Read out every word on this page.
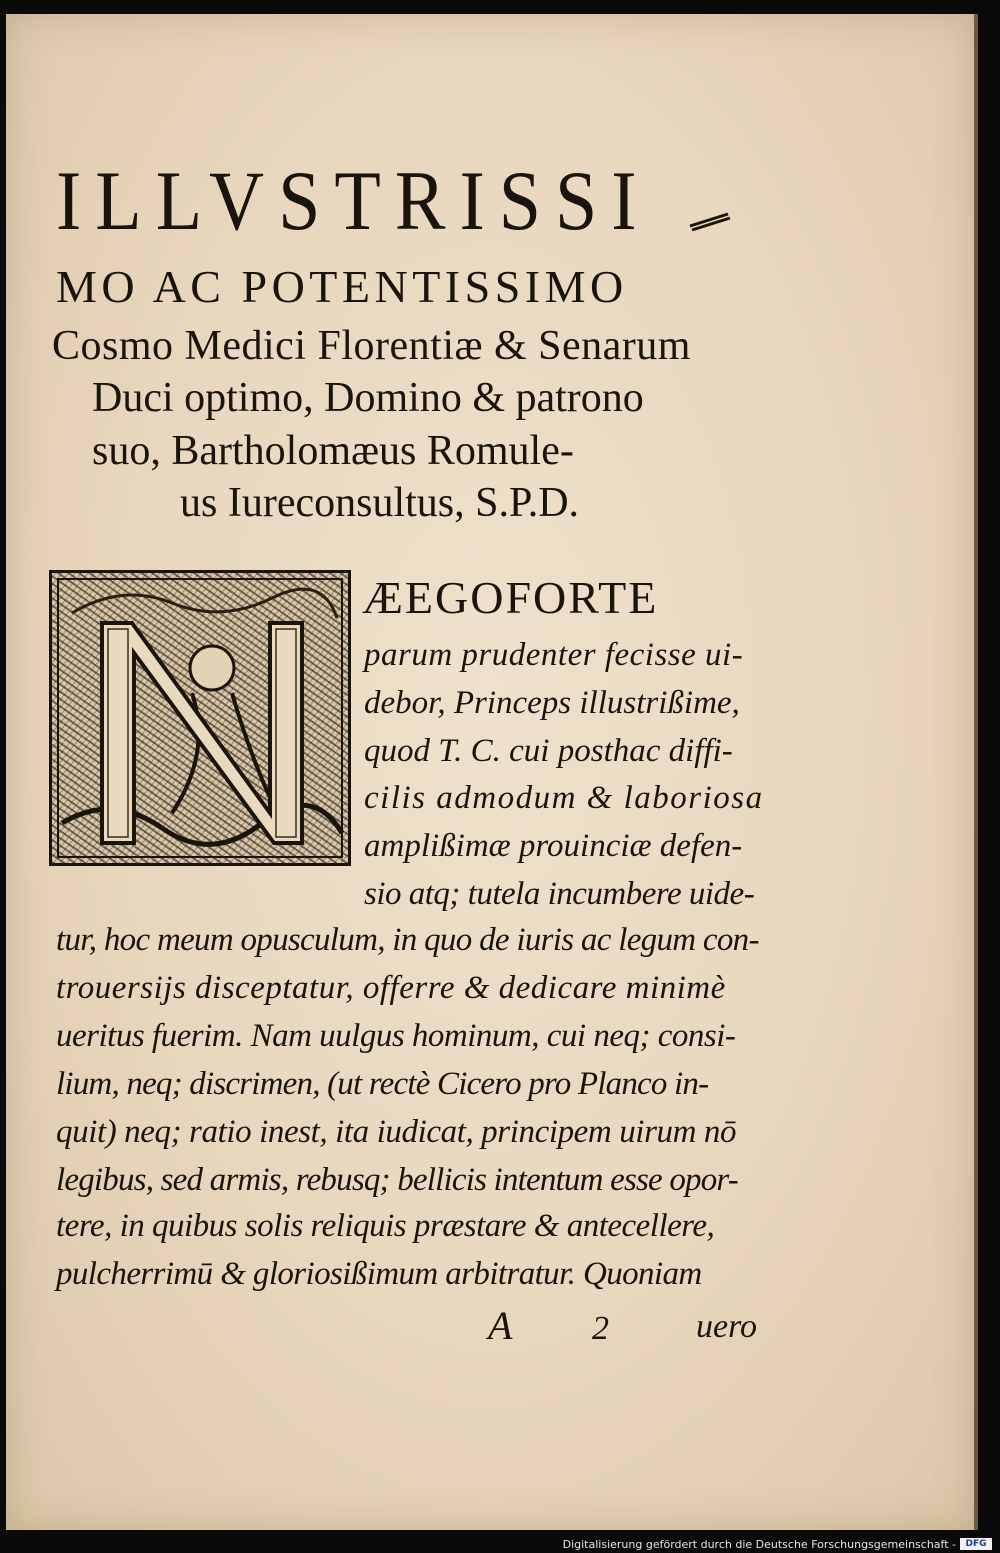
ILLVSTRISSI
MO AC POTENTISSIMO
Cosmo Medici Florentiæ & Senarum
Duci optimo, Domino & patrono
suo, Bartholomæus Romule-
us Iureconsultus, S.P.D.
ÆEGOFORTE
parum prudenter fecisse ui-
debor, Princeps illustrißime,
quod T. C. cui posthac diffi-
cilis admodum & laboriosa
amplißimæ prouinciæ defen-
sio atq; tutela incumbere uide-
tur, hoc meum opusculum, in quo de iuris ac legum con-
trouersijs disceptatur, offerre & dedicare minimè
ueritus fuerim. Nam uulgus hominum, cui neq; consi-
lium, neq; discrimen, (ut rectè Cicero pro Planco in-
quit) neq; ratio inest, ita iudicat, principem uirum nō
legibus, sed armis, rebusq; bellicis intentum esse opor-
tere, in quibus solis reliquis præstare & antecellere,
pulcherrimū & gloriosißimum arbitratur. Quoniam
A 2	uero
Digitalisierung gefördert durch die Deutsche Forschungsgemeinschaft -	DFG
